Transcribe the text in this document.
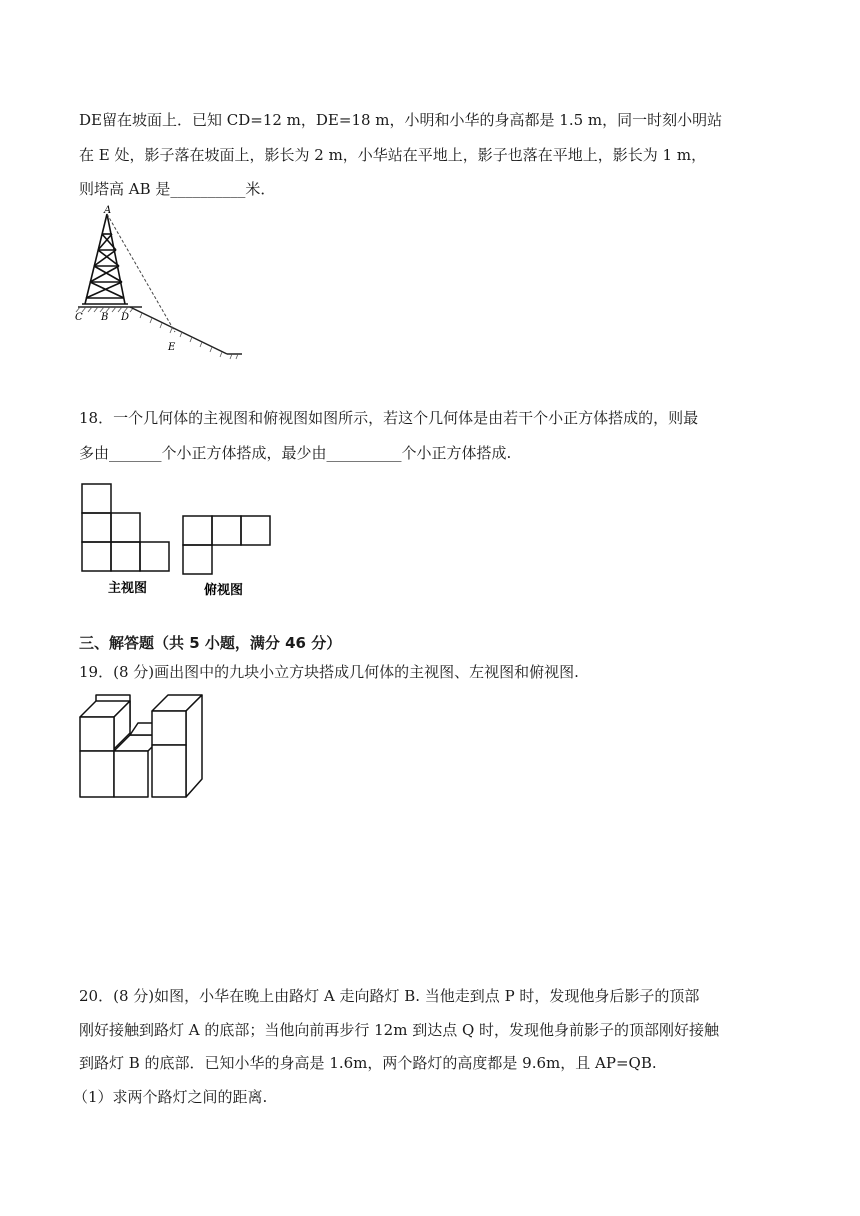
DE留在坡面上．已知 CD=12 m，DE=18 m，小明和小华的身高都是 1.5 m，同一时刻小明站
在 E 处，影子落在坡面上，影长为 2 m，小华站在平地上，影子也落在平地上，影长为 1 m，
则塔高 AB 是__________米．
A
C B D
E
18．一个几何体的主视图和俯视图如图所示，若这个几何体是由若干个小正方体搭成的，则最
多由_______个小正方体搭成，最少由__________个小正方体搭成.
主视图	俯视图
三、解答题（共 5 小题，满分 46 分）
19．(8 分)画出图中的九块小立方块搭成几何体的主视图、左视图和俯视图.
20．(8 分)如图，小华在晚上由路灯 A 走向路灯 B. 当他走到点 P 时，发现他身后影子的顶部
刚好接触到路灯 A 的底部；当他向前再步行 12m 到达点 Q 时，发现他身前影子的顶部刚好接触
到路灯 B 的底部．已知小华的身高是 1.6m，两个路灯的高度都是 9.6m，且 AP=QB.
（1）求两个路灯之间的距离.
